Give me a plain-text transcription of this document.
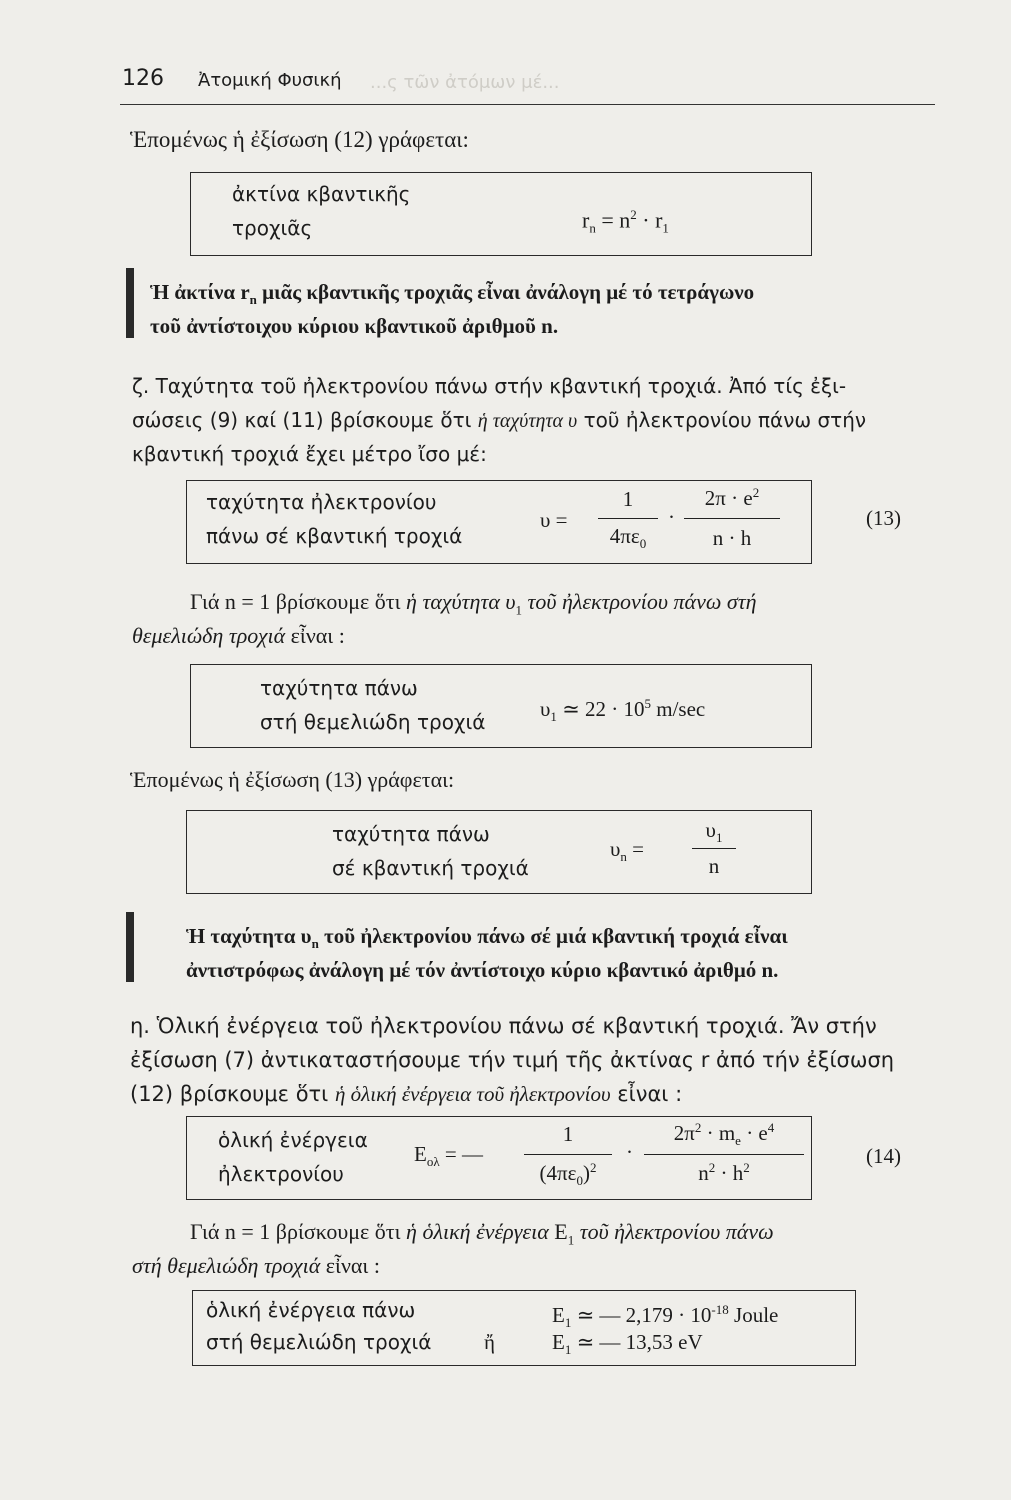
...ς τῶν ἀτόμων μέ...
126 Ἀτομική Φυσική
Ἑπομένως ἡ ἐξίσωση (12) γράφεται:
ἀκτίνα κβαντικῆς
τροχιᾶς	$r_n = n^2 \cdot r_1$
Ἡ ἀκτίνα $r_n$ μιᾶς κβαντικῆς τροχιᾶς εἶναι ἀνάλογη μέ τό τετράγωνο
τοῦ ἀντίστοιχου κύριου κβαντικοῦ ἀριθμοῦ n.
ζ. Ταχύτητα τοῦ ἠλεκτρονίου πάνω στήν κβαντική τροχιά. Ἀπό τίς ἐξι-
σώσεις (9) καί (11) βρίσκουμε ὅτι ἡ ταχύτητα υ τοῦ ἠλεκτρονίου πάνω στήν
κβαντική τροχιά ἔχει μέτρο ἴσο μέ:
ταχύτητα ἠλεκτρονίου
πάνω σέ κβαντική τροχιά
υ =
1
$4\pi\varepsilon_0$
·
$2\pi \cdot e^2$
n · h
(13)
Γιά n = 1 βρίσκουμε ὅτι ἡ ταχύτητα $\upsilon_1$ τοῦ ἠλεκτρονίου πάνω στή
θεμελιώδη τροχιά εἶναι :
ταχύτητα πάνω
στή θεμελιώδη τροχιά
$\upsilon_1$ ≃ $22 \cdot 10^5$ m/sec
Ἑπομένως ἡ ἐξίσωση (13) γράφεται:
ταχύτητα πάνω
σέ κβαντική τροχιά
$\upsilon_n$ =
$\upsilon_1$
n
Ἡ ταχύτητα $\upsilon_n$ τοῦ ἠλεκτρονίου πάνω σέ μιά κβαντική τροχιά εἶναι
ἀντιστρόφως ἀνάλογη μέ τόν ἀντίστοιχο κύριο κβαντικό ἀριθμό n.
η. Ὁλική ἐνέργεια τοῦ ἠλεκτρονίου πάνω σέ κβαντική τροχιά. Ἄν στήν
ἐξίσωση (7) ἀντικαταστήσουμε τήν τιμή τῆς ἀκτίνας r ἀπό τήν ἐξίσωση
(12) βρίσκουμε ὅτι ἡ ὁλική ἐνέργεια τοῦ ἠλεκτρονίου εἶναι :
ὁλική ἐνέργεια
ἠλεκτρονίου
$E_{o\lambda}$ = —
1
$(4\pi\varepsilon_0)^2$
·
$2\pi^2 \cdot m_e \cdot e^4$
$n^2 \cdot h^2$	(14)
Γιά n = 1 βρίσκουμε ὅτι ἡ ὁλική ἐνέργεια $E_1$ τοῦ ἠλεκτρονίου πάνω
στή θεμελιώδη τροχιά εἶναι :
ὁλική ἐνέργεια πάνω
στή θεμελιώδη τροχιά	ἤ
$E_1$ ≃ — $2,179 \cdot 10^{-18}$ Joule
$E_1$ ≃ — 13,53 eV
